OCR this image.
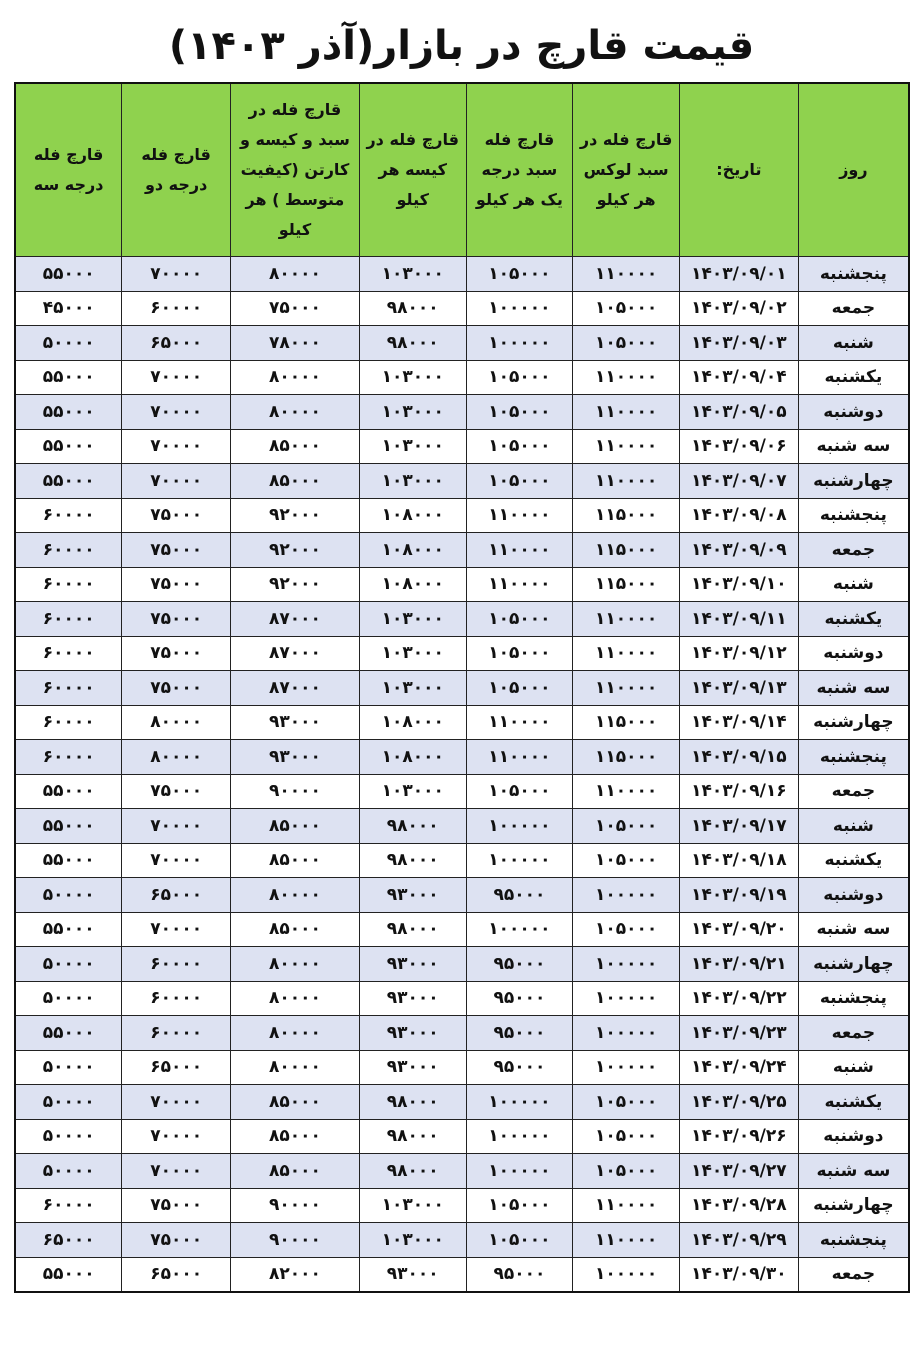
قیمت قارچ در بازار(آذر ۱۴۰۳)
روز	تاریخ:	قارچ فله در سبد لوکس هر کیلو	قارچ فله سبد درجه یک هر کیلو	قارچ فله در کیسه هر کیلو	قارچ فله در سبد و کیسه و کارتن (کیفیت متوسط ) هر کیلو	قارچ فله درجه دو	قارچ فله درجه سه
پنجشنبه	۱۴۰۳/۰۹/۰۱	۱۱۰۰۰۰	۱۰۵۰۰۰	۱۰۳۰۰۰	۸۰۰۰۰	۷۰۰۰۰	۵۵۰۰۰
جمعه	۱۴۰۳/۰۹/۰۲	۱۰۵۰۰۰	۱۰۰۰۰۰	۹۸۰۰۰	۷۵۰۰۰	۶۰۰۰۰	۴۵۰۰۰
شنبه	۱۴۰۳/۰۹/۰۳	۱۰۵۰۰۰	۱۰۰۰۰۰	۹۸۰۰۰	۷۸۰۰۰	۶۵۰۰۰	۵۰۰۰۰
یکشنبه	۱۴۰۳/۰۹/۰۴	۱۱۰۰۰۰	۱۰۵۰۰۰	۱۰۳۰۰۰	۸۰۰۰۰	۷۰۰۰۰	۵۵۰۰۰
دوشنبه	۱۴۰۳/۰۹/۰۵	۱۱۰۰۰۰	۱۰۵۰۰۰	۱۰۳۰۰۰	۸۰۰۰۰	۷۰۰۰۰	۵۵۰۰۰
سه شنبه	۱۴۰۳/۰۹/۰۶	۱۱۰۰۰۰	۱۰۵۰۰۰	۱۰۳۰۰۰	۸۵۰۰۰	۷۰۰۰۰	۵۵۰۰۰
چهارشنبه	۱۴۰۳/۰۹/۰۷	۱۱۰۰۰۰	۱۰۵۰۰۰	۱۰۳۰۰۰	۸۵۰۰۰	۷۰۰۰۰	۵۵۰۰۰
پنجشنبه	۱۴۰۳/۰۹/۰۸	۱۱۵۰۰۰	۱۱۰۰۰۰	۱۰۸۰۰۰	۹۲۰۰۰	۷۵۰۰۰	۶۰۰۰۰
جمعه	۱۴۰۳/۰۹/۰۹	۱۱۵۰۰۰	۱۱۰۰۰۰	۱۰۸۰۰۰	۹۲۰۰۰	۷۵۰۰۰	۶۰۰۰۰
شنبه	۱۴۰۳/۰۹/۱۰	۱۱۵۰۰۰	۱۱۰۰۰۰	۱۰۸۰۰۰	۹۲۰۰۰	۷۵۰۰۰	۶۰۰۰۰
یکشنبه	۱۴۰۳/۰۹/۱۱	۱۱۰۰۰۰	۱۰۵۰۰۰	۱۰۳۰۰۰	۸۷۰۰۰	۷۵۰۰۰	۶۰۰۰۰
دوشنبه	۱۴۰۳/۰۹/۱۲	۱۱۰۰۰۰	۱۰۵۰۰۰	۱۰۳۰۰۰	۸۷۰۰۰	۷۵۰۰۰	۶۰۰۰۰
سه شنبه	۱۴۰۳/۰۹/۱۳	۱۱۰۰۰۰	۱۰۵۰۰۰	۱۰۳۰۰۰	۸۷۰۰۰	۷۵۰۰۰	۶۰۰۰۰
چهارشنبه	۱۴۰۳/۰۹/۱۴	۱۱۵۰۰۰	۱۱۰۰۰۰	۱۰۸۰۰۰	۹۳۰۰۰	۸۰۰۰۰	۶۰۰۰۰
پنجشنبه	۱۴۰۳/۰۹/۱۵	۱۱۵۰۰۰	۱۱۰۰۰۰	۱۰۸۰۰۰	۹۳۰۰۰	۸۰۰۰۰	۶۰۰۰۰
جمعه	۱۴۰۳/۰۹/۱۶	۱۱۰۰۰۰	۱۰۵۰۰۰	۱۰۳۰۰۰	۹۰۰۰۰	۷۵۰۰۰	۵۵۰۰۰
شنبه	۱۴۰۳/۰۹/۱۷	۱۰۵۰۰۰	۱۰۰۰۰۰	۹۸۰۰۰	۸۵۰۰۰	۷۰۰۰۰	۵۵۰۰۰
یکشنبه	۱۴۰۳/۰۹/۱۸	۱۰۵۰۰۰	۱۰۰۰۰۰	۹۸۰۰۰	۸۵۰۰۰	۷۰۰۰۰	۵۵۰۰۰
دوشنبه	۱۴۰۳/۰۹/۱۹	۱۰۰۰۰۰	۹۵۰۰۰	۹۳۰۰۰	۸۰۰۰۰	۶۵۰۰۰	۵۰۰۰۰
سه شنبه	۱۴۰۳/۰۹/۲۰	۱۰۵۰۰۰	۱۰۰۰۰۰	۹۸۰۰۰	۸۵۰۰۰	۷۰۰۰۰	۵۵۰۰۰
چهارشنبه	۱۴۰۳/۰۹/۲۱	۱۰۰۰۰۰	۹۵۰۰۰	۹۳۰۰۰	۸۰۰۰۰	۶۰۰۰۰	۵۰۰۰۰
پنجشنبه	۱۴۰۳/۰۹/۲۲	۱۰۰۰۰۰	۹۵۰۰۰	۹۳۰۰۰	۸۰۰۰۰	۶۰۰۰۰	۵۰۰۰۰
جمعه	۱۴۰۳/۰۹/۲۳	۱۰۰۰۰۰	۹۵۰۰۰	۹۳۰۰۰	۸۰۰۰۰	۶۰۰۰۰	۵۵۰۰۰
شنبه	۱۴۰۳/۰۹/۲۴	۱۰۰۰۰۰	۹۵۰۰۰	۹۳۰۰۰	۸۰۰۰۰	۶۵۰۰۰	۵۰۰۰۰
یکشنبه	۱۴۰۳/۰۹/۲۵	۱۰۵۰۰۰	۱۰۰۰۰۰	۹۸۰۰۰	۸۵۰۰۰	۷۰۰۰۰	۵۰۰۰۰
دوشنبه	۱۴۰۳/۰۹/۲۶	۱۰۵۰۰۰	۱۰۰۰۰۰	۹۸۰۰۰	۸۵۰۰۰	۷۰۰۰۰	۵۰۰۰۰
سه شنبه	۱۴۰۳/۰۹/۲۷	۱۰۵۰۰۰	۱۰۰۰۰۰	۹۸۰۰۰	۸۵۰۰۰	۷۰۰۰۰	۵۰۰۰۰
چهارشنبه	۱۴۰۳/۰۹/۲۸	۱۱۰۰۰۰	۱۰۵۰۰۰	۱۰۳۰۰۰	۹۰۰۰۰	۷۵۰۰۰	۶۰۰۰۰
پنجشنبه	۱۴۰۳/۰۹/۲۹	۱۱۰۰۰۰	۱۰۵۰۰۰	۱۰۳۰۰۰	۹۰۰۰۰	۷۵۰۰۰	۶۵۰۰۰
جمعه	۱۴۰۳/۰۹/۳۰	۱۰۰۰۰۰	۹۵۰۰۰	۹۳۰۰۰	۸۲۰۰۰	۶۵۰۰۰	۵۵۰۰۰
